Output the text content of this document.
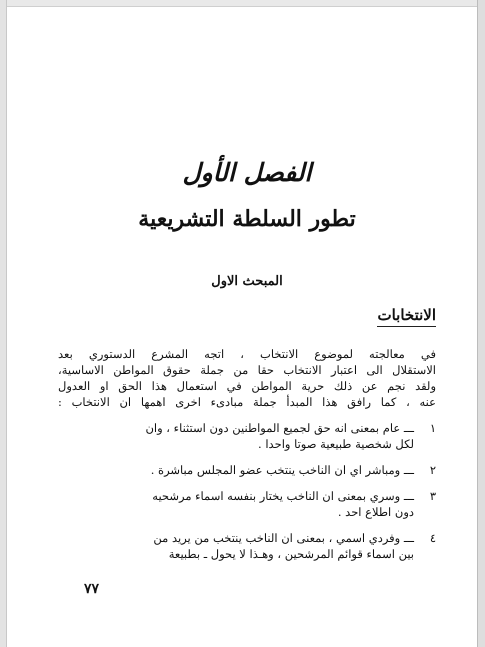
الفصل الأول
تطور السلطة التشريعية
المبحث الاول
الانتخابات
في معالجته لموضوع الانتخاب ، اتجه المشرع الدستوري بعد
الاستقلال الى اعتبار الانتخاب حقا من جملة حقوق المواطن الاساسية،
ولقد نجم عن ذلك حرية المواطن في استعمال هذا الحق او العدول
عنه ، كما رافق هذا المبدأ جملة مبادىء اخرى اهمها ان الانتخاب :
١
ـــ عام بمعنى انه حق لجميع المواطنين دون استثناء ، وان
لكل شخصية طبيعية صوتا واحدا .
٢
ـــ ومباشر اي ان الناخب ينتخب عضو المجلس مباشرة .
٣
ـــ وسري بمعنى ان الناخب يختار بنفسه اسماء مرشحيه
دون اطلاع احد .
٤
ـــ وفردي اسمي ، بمعنى ان الناخب ينتخب من يريد من
بين اسماء قوائم المرشحين ، وهـذا لا يحول ـ بطبيعة
٧٧
